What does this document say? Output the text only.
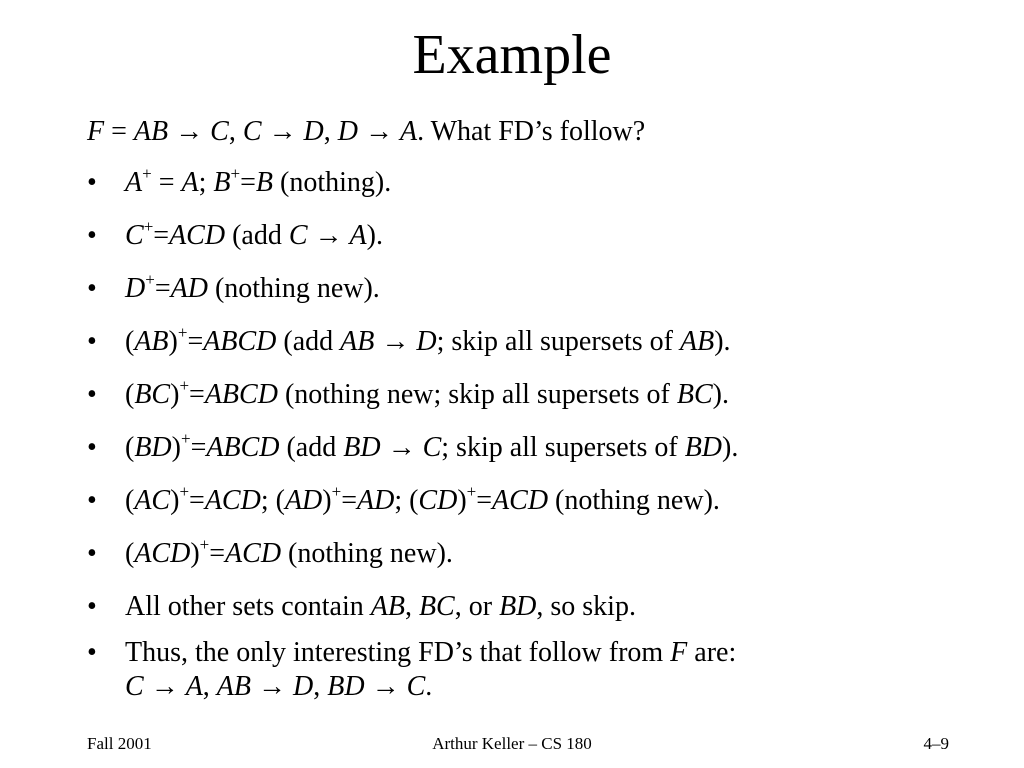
Example

F = AB → C, C → D, D → A. What FD’s follow?

• A+ = A; B+=B (nothing).
• C+=ACD (add C → A).
• D+=AD (nothing new).
• (AB)+=ABCD (add AB → D; skip all supersets of AB).
• (BC)+=ABCD (nothing new; skip all supersets of BC).
• (BD)+=ABCD (add BD → C; skip all supersets of BD).
• (AC)+=ACD; (AD)+=AD; (CD)+=ACD (nothing new).
• (ACD)+=ACD (nothing new).
• All other sets contain AB, BC, or BD, so skip.
• Thus, the only interesting FD’s that follow from F are:
C → A, AB → D, BD → C.
Fall 2001	Arthur Keller – CS 180	4–9
